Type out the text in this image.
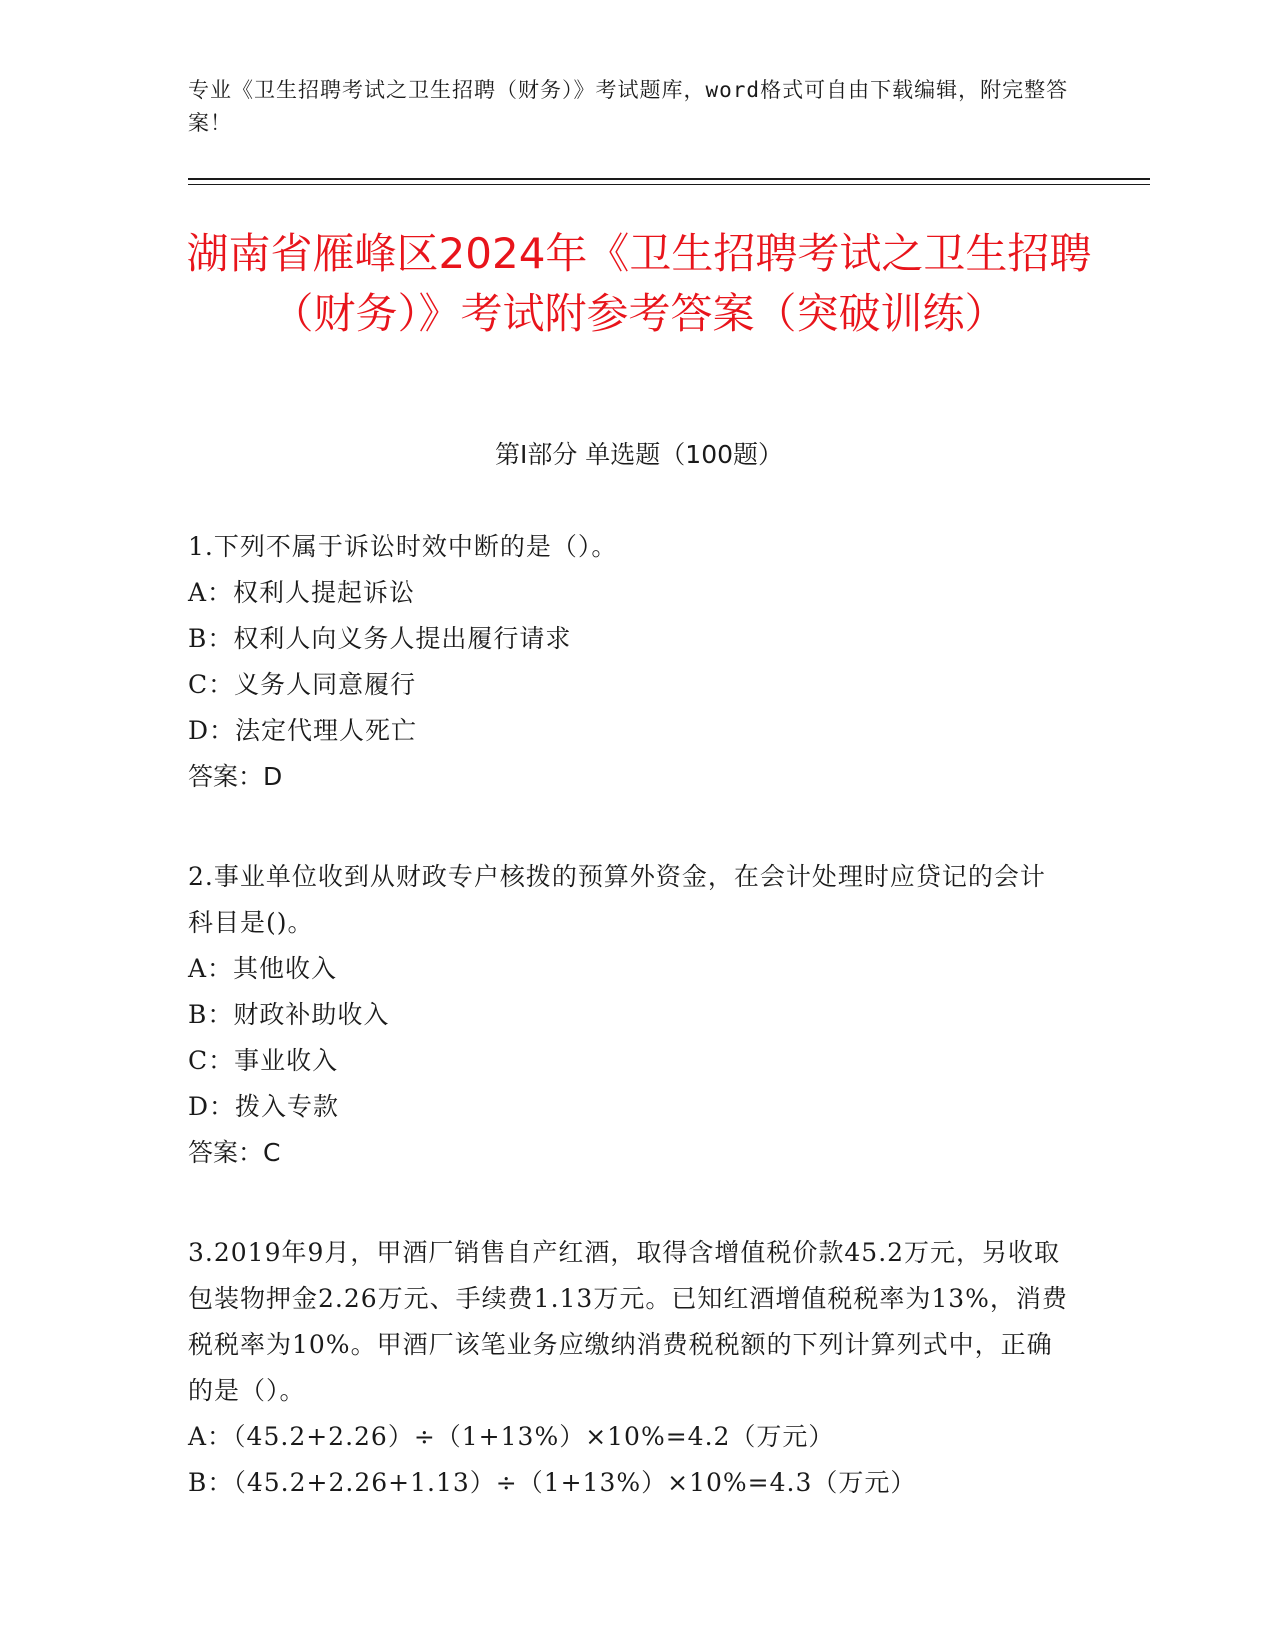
专业《卫生招聘考试之卫生招聘（财务）》考试题库，word格式可自由下载编辑，附完整答案！
湖南省雁峰区2024年《卫生招聘考试之卫生招聘（财务）》考试附参考答案（突破训练）
第Ⅰ部分 单选题（100题）
1.下列不属于诉讼时效中断的是（）。
A：权利人提起诉讼
B：权利人向义务人提出履行请求
C：义务人同意履行
D：法定代理人死亡
答案：D
2.事业单位收到从财政专户核拨的预算外资金，在会计处理时应贷记的会计科目是()。
A：其他收入
B：财政补助收入
C：事业收入
D：拨入专款
答案：C
3.2019年9月，甲酒厂销售自产红酒，取得含增值税价款45.2万元，另收取包装物押金2.26万元、手续费1.13万元。已知红酒增值税税率为13%，消费税税率为10%。甲酒厂该笔业务应缴纳消费税税额的下列计算列式中，正确的是（）。
A：（45.2+2.26）÷（1+13%）×10%=4.2（万元）
B：（45.2+2.26+1.13）÷（1+13%）×10%=4.3（万元）
